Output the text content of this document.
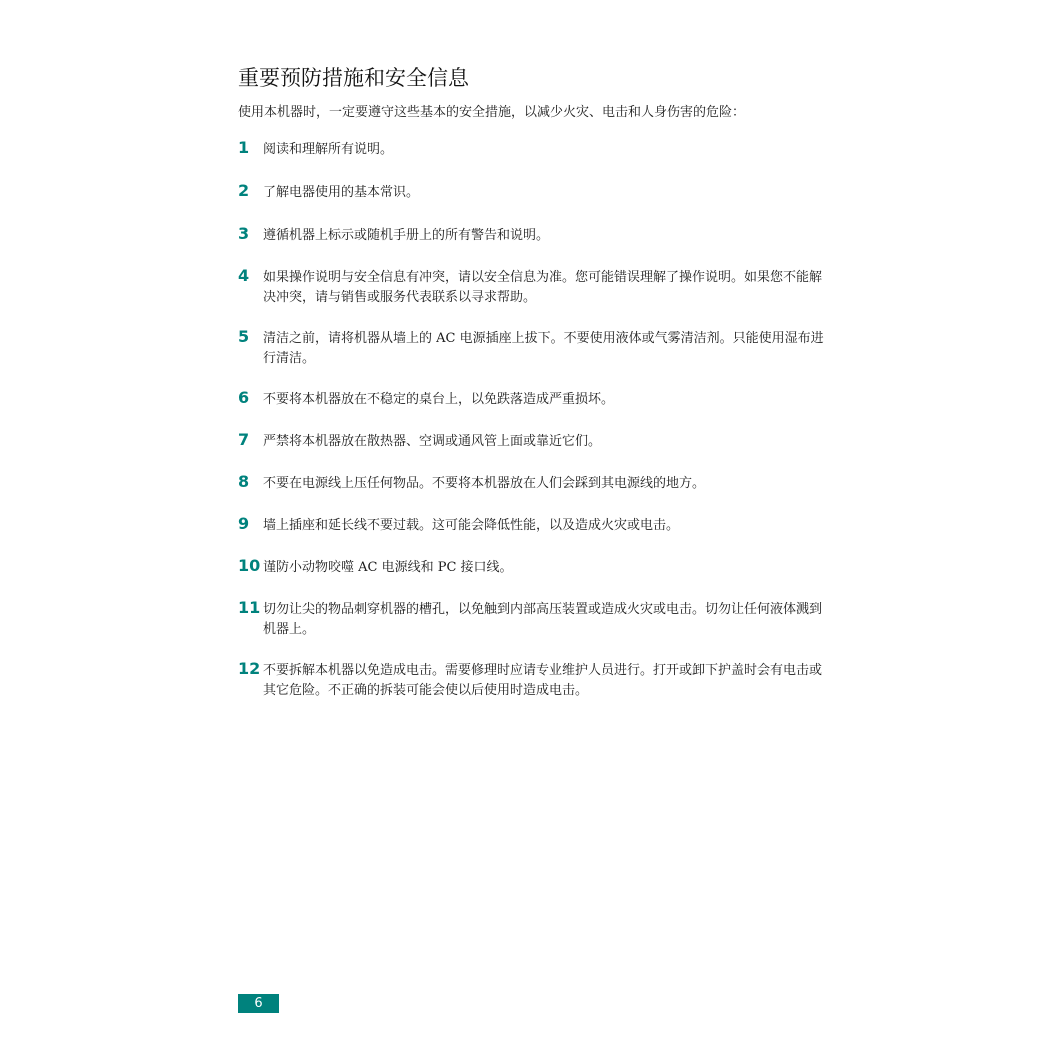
重要预防措施和安全信息
使用本机器时，一定要遵守这些基本的安全措施，以减少火灾、电击和人身伤害的危险：
1 阅读和理解所有说明。
2 了解电器使用的基本常识。
3 遵循机器上标示或随机手册上的所有警告和说明。
4 如果操作说明与安全信息有冲突，请以安全信息为准。您可能错误理解了操作说明。如果您不能解决冲突，请与销售或服务代表联系以寻求帮助。
5 清洁之前，请将机器从墙上的 AC 电源插座上拔下。不要使用液体或气雾清洁剂。只能使用湿布进行清洁。
6 不要将本机器放在不稳定的桌台上，以免跌落造成严重损坏。
7 严禁将本机器放在散热器、空调或通风管上面或靠近它们。
8 不要在电源线上压任何物品。不要将本机器放在人们会踩到其电源线的地方。
9 墙上插座和延长线不要过载。这可能会降低性能，以及造成火灾或电击。
10 谨防小动物咬噬 AC 电源线和 PC 接口线。
11 切勿让尖的物品刺穿机器的槽孔，以免触到内部高压装置或造成火灾或电击。切勿让任何液体溅到机器上。
12 不要拆解本机器以免造成电击。需要修理时应请专业维护人员进行。打开或卸下护盖时会有电击或其它危险。不正确的拆装可能会使以后使用时造成电击。
6
